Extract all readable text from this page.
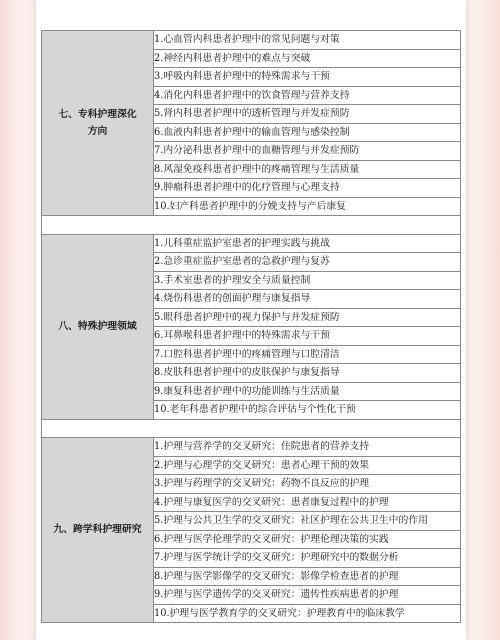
七、专科护理深化
方向	1.心血管内科患者护理中的常见问题与对策
	2.神经内科患者护理中的难点与突破
	3.呼吸内科患者护理中的特殊需求与干预
	4.消化内科患者护理中的饮食管理与营养支持
	5.肾内科患者护理中的透析管理与并发症预防
	6.血液内科患者护理中的输血管理与感染控制
	7.内分泌科患者护理中的血糖管理与并发症预防
	8.风湿免疫科患者护理中的疼痛管理与生活质量
	9.肿瘤科患者护理中的化疗管理与心理支持
	10.妇产科患者护理中的分娩支持与产后康复

八、特殊护理领域	1.儿科重症监护室患者的护理实践与挑战
	2.急诊重症监护室患者的急救护理与复苏
	3.手术室患者的护理安全与质量控制
	4.烧伤科患者的创面护理与康复指导
	5.眼科患者护理中的视力保护与并发症预防
	6.耳鼻喉科患者护理中的特殊需求与干预
	7.口腔科患者护理中的疼痛管理与口腔清洁
	8.皮肤科患者护理中的皮肤保护与康复指导
	9.康复科患者护理中的功能训练与生活质量
	10.老年科患者护理中的综合评估与个性化干预

九、跨学科护理研究	1.护理与营养学的交叉研究：住院患者的营养支持
	2.护理与心理学的交叉研究：患者心理干预的效果
	3.护理与药理学的交叉研究：药物不良反应的护理
	4.护理与康复医学的交叉研究：患者康复过程中的护理
	5.护理与公共卫生学的交叉研究：社区护理在公共卫生中的作用
	6.护理与医学伦理学的交叉研究：护理伦理决策的实践
	7.护理与医学统计学的交叉研究：护理研究中的数据分析
	8.护理与医学影像学的交叉研究：影像学检查患者的护理
	9.护理与医学遗传学的交叉研究：遗传性疾病患者的护理
	10.护理与医学教育学的交叉研究：护理教育中的临床教学
